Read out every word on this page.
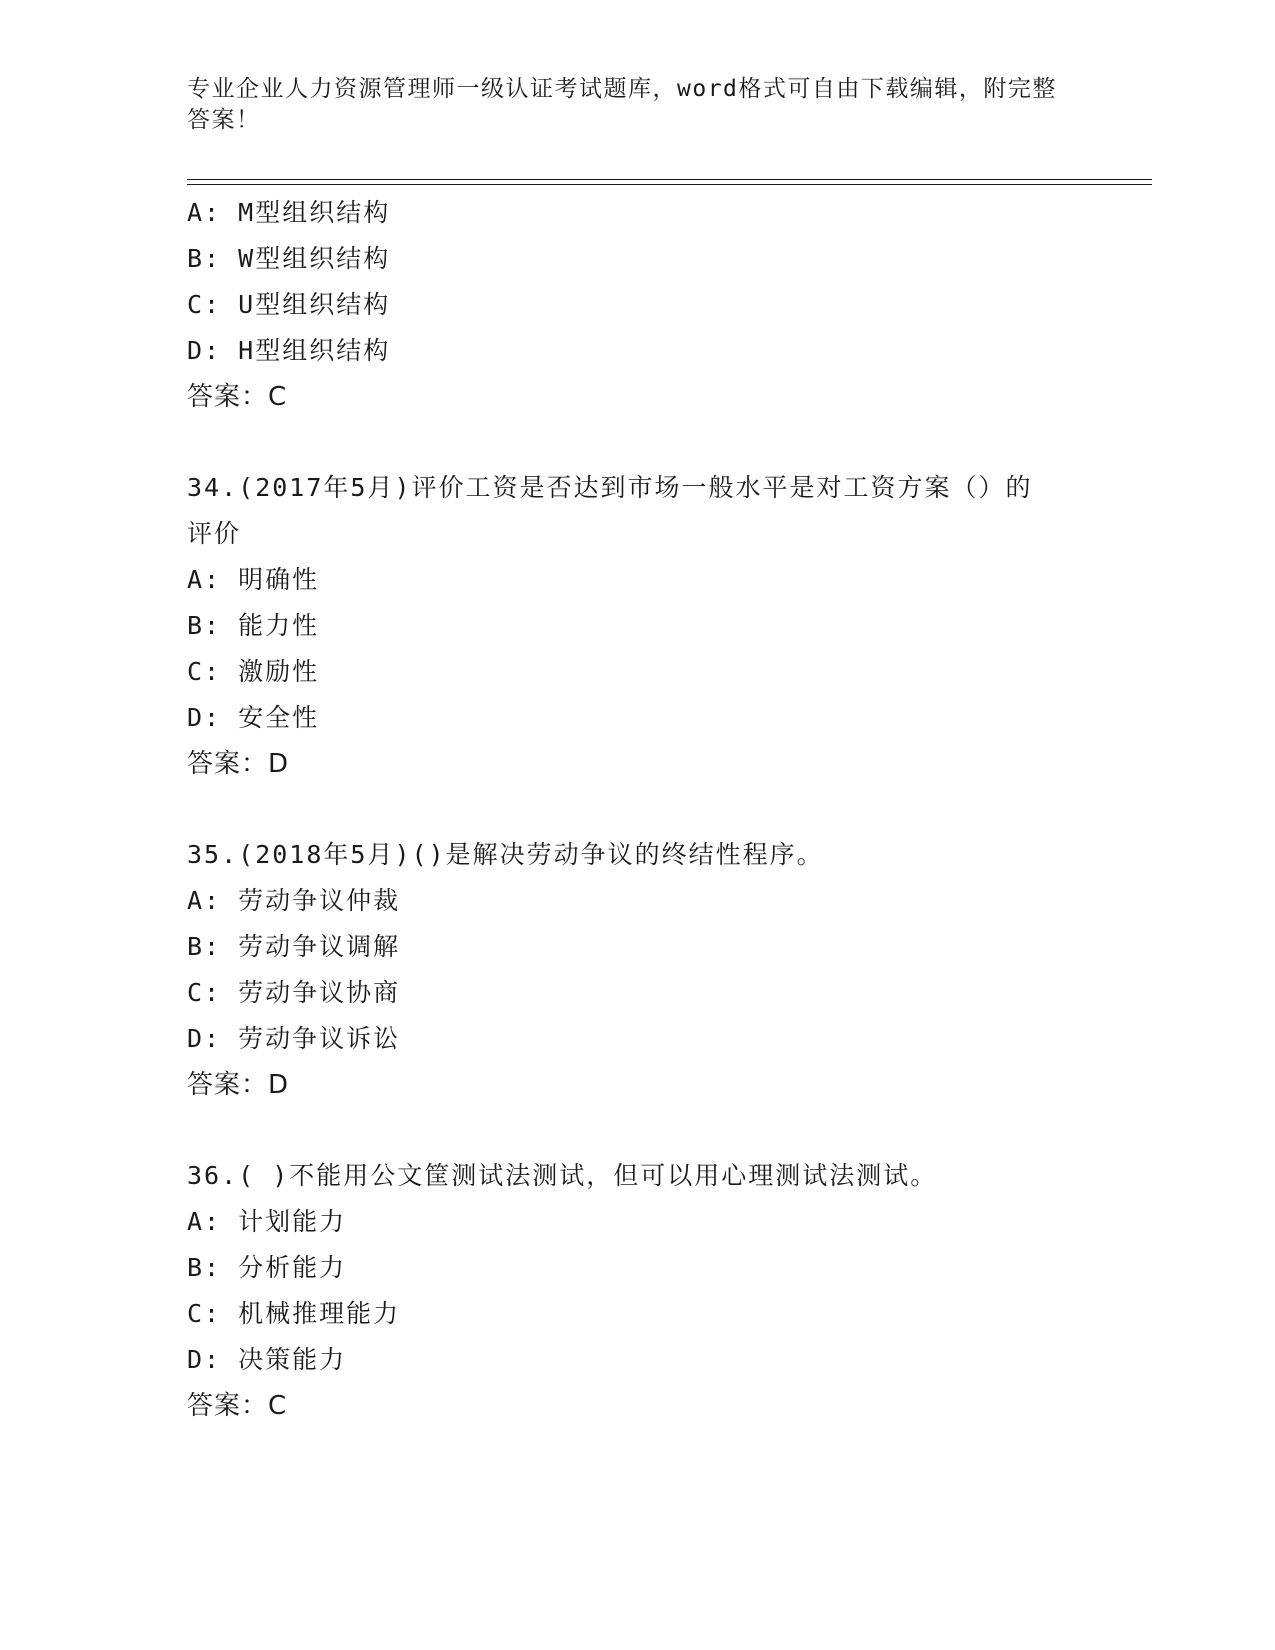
专业企业人力资源管理师一级认证考试题库，word格式可自由下载编辑，附完整
答案！
A: M型组织结构
B: W型组织结构
C: U型组织结构
D: H型组织结构
答案：C
34.(2017年5月)评价工资是否达到市场一般水平是对工资方案（）的
评价
A: 明确性
B: 能力性
C: 激励性
D: 安全性
答案：D
35.(2018年5月)()是解决劳动争议的终结性程序。
A: 劳动争议仲裁
B: 劳动争议调解
C: 劳动争议协商
D: 劳动争议诉讼
答案：D
36.( )不能用公文筐测试法测试，但可以用心理测试法测试。
A: 计划能力
B: 分析能力
C: 机械推理能力
D: 决策能力
答案：C
